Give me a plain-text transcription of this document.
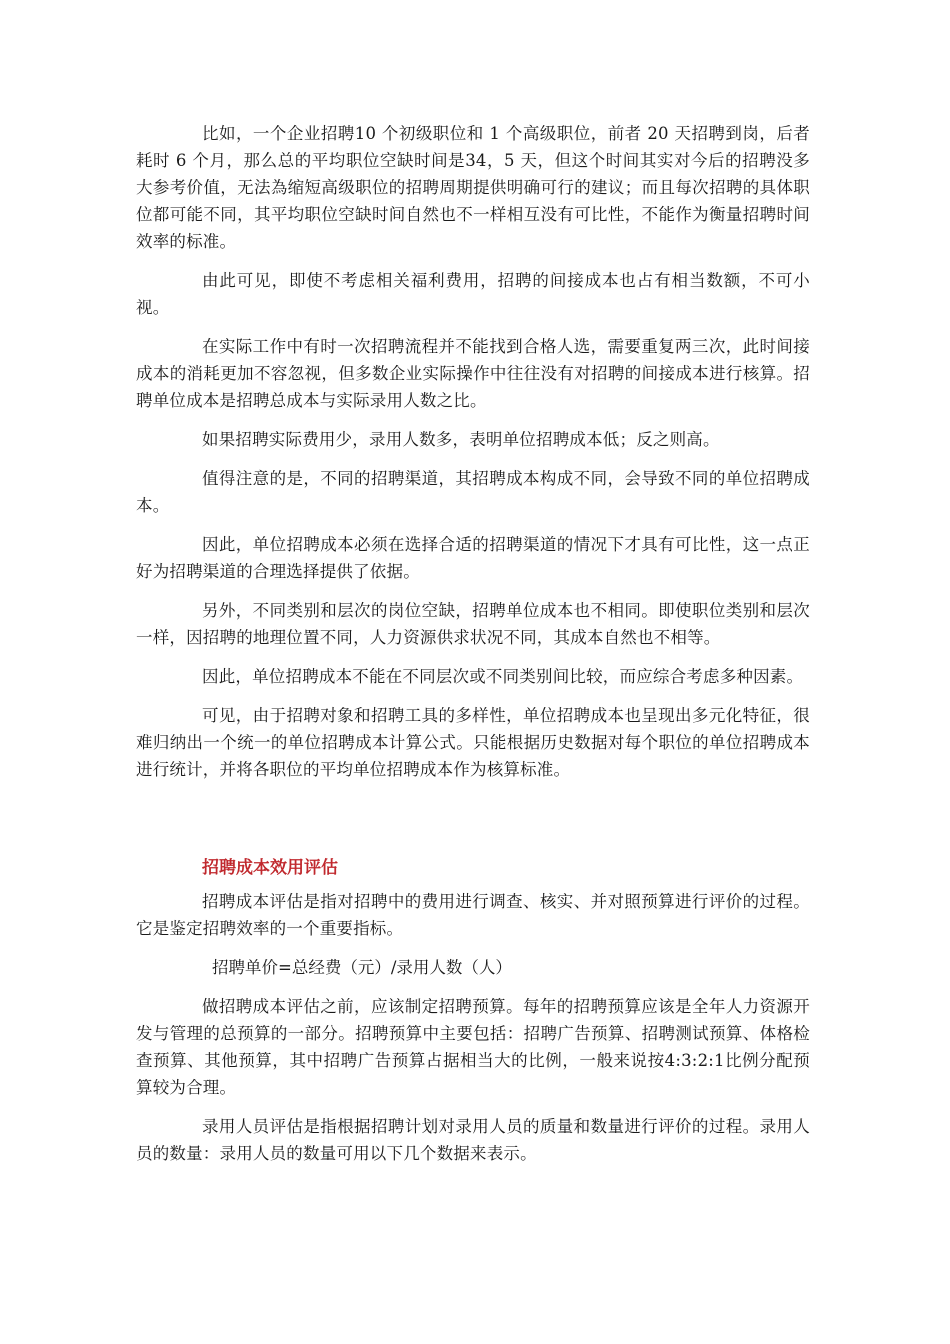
比如，一个企业招聘10 个初级职位和 1 个高级职位，前者 20 天招聘到岗，后者耗时 6 个月，那么总的平均职位空缺时间是34，5 天，但这个时间其实对今后的招聘没多大参考价值，无法為缩短高级职位的招聘周期提供明确可行的建议；而且每次招聘的具体职位都可能不同，其平均职位空缺时间自然也不一样相互没有可比性，不能作为衡量招聘时间效率的标准。

由此可见，即使不考虑相关福利费用，招聘的间接成本也占有相当数额，不可小视。

在实际工作中有时一次招聘流程并不能找到合格人选，需要重复两三次，此时间接成本的消耗更加不容忽视，但多数企业实际操作中往往没有对招聘的间接成本进行核算。招聘单位成本是招聘总成本与实际录用人数之比。

如果招聘实际费用少，录用人数多，表明单位招聘成本低；反之则高。

值得注意的是，不同的招聘渠道，其招聘成本构成不同，会导致不同的单位招聘成本。

因此，单位招聘成本必须在选择合适的招聘渠道的情况下才具有可比性，这一点正好为招聘渠道的合理选择提供了依据。

另外，不同类别和层次的岗位空缺，招聘单位成本也不相同。即使职位类别和层次一样，因招聘的地理位置不同，人力资源供求状况不同，其成本自然也不相等。

因此，单位招聘成本不能在不同层次或不同类别间比较，而应综合考虑多种因素。

可见，由于招聘对象和招聘工具的多样性，单位招聘成本也呈现出多元化特征，很难归纳出一个统一的单位招聘成本计算公式。只能根据历史数据对每个职位的单位招聘成本进行统计，并将各职位的平均单位招聘成本作为核算标准。

招聘成本效用评估

招聘成本评估是指对招聘中的费用进行调查、核实、并对照预算进行评价的过程。它是鉴定招聘效率的一个重要指标。

招聘单价=总经费（元）/录用人数（人）

做招聘成本评估之前，应该制定招聘预算。每年的招聘预算应该是全年人力资源开发与管理的总预算的一部分。招聘预算中主要包括：招聘广告预算、招聘测试预算、体格检查预算、其他预算，其中招聘广告预算占据相当大的比例，一般来说按4:3:2:1比例分配预算较为合理。

录用人员评估是指根据招聘计划对录用人员的质量和数量进行评价的过程。录用人员的数量：录用人员的数量可用以下几个数据来表示。
